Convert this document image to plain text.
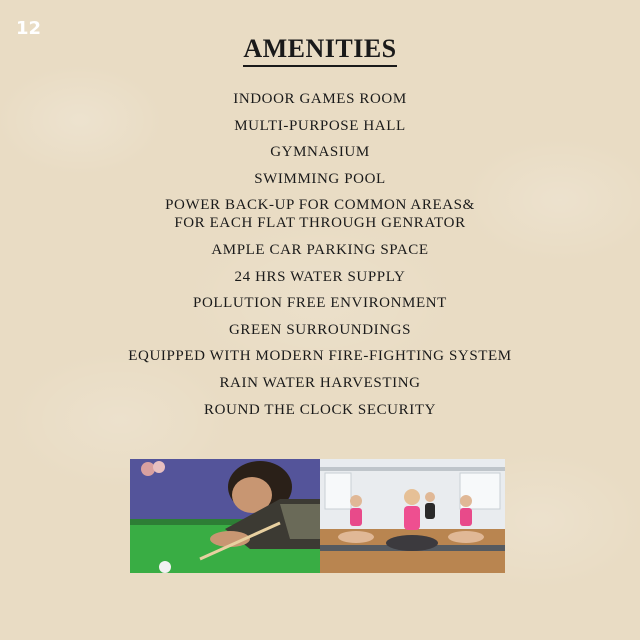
12
AMENITIES
INDOOR GAMES ROOM
MULTI-PURPOSE HALL
GYMNASIUM
SWIMMING POOL
POWER BACK-UP FOR COMMON AREAS&
FOR EACH FLAT THROUGH GENRATOR
AMPLE CAR PARKING SPACE
24 HRS WATER SUPPLY
POLLUTION FREE ENVIRONMENT
GREEN SURROUNDINGS
EQUIPPED WITH MODERN FIRE-FIGHTING SYSTEM
RAIN WATER HARVESTING
ROUND THE CLOCK SECURITY
